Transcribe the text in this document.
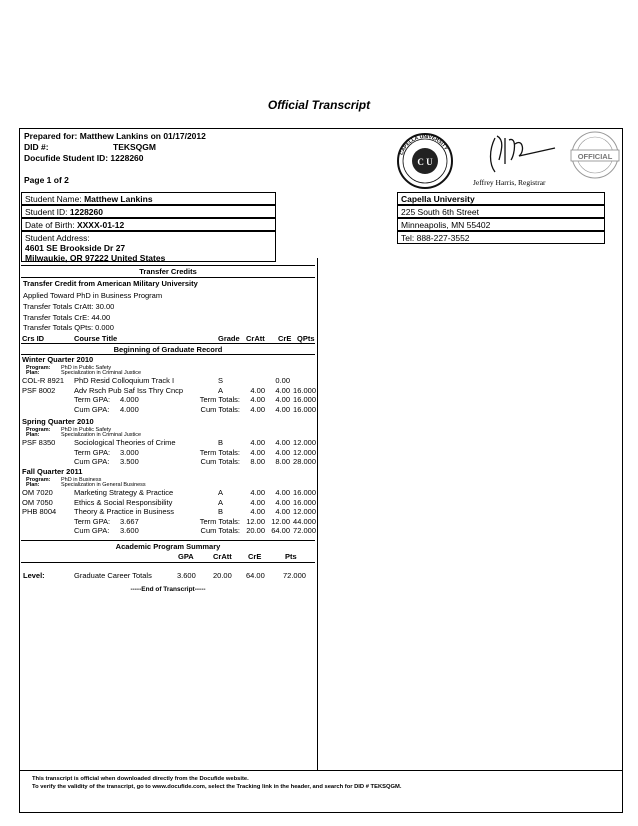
Official Transcript
Prepared for: Matthew Lankins on 01/17/2012
DID #:	TEKSQGM
Docufide Student ID: 1228260
Page 1 of 2
CAPELLA UNIVERSITY
C U
Jeffrey Harris, Registrar
OFFICIAL
Student Name: Matthew Lankins
Student ID: 1228260
Date of Birth: XXXX-01-12
Student Address:
4601 SE Brookside Dr 27
Milwaukie, OR 97222 United States
Capella University
225 South 6th Street
Minneapolis, MN 55402
Tel: 888-227-3552
Transfer Credits
Transfer Credit from American Military University
Applied Toward PhD in Business Program
Transfer Totals CrAtt: 30.00
Transfer Totals CrE: 44.00
Transfer Totals QPts: 0.000
Crs ID	Course Title	Grade CrAtt CrE QPts
Beginning of Graduate Record
Winter Quarter 2010
Program: PhD in Public Safety
Plan:	Specialization in Criminal Justice
COL-R 8921 PhD Resid Colloquium Track I	S	0.00
PSF 8002 Adv Rsch Pub Saf Iss Thry Cncp	A	4.00	4.00 16.000
Term GPA: 4.000	Term Totals:	4.00	4.00 16.000
Cum GPA: 4.000	Cum Totals:	4.00	4.00 16.000
Spring Quarter 2010
Program: PhD in Public Safety
Plan:	Specialization in Criminal Justice
PSF 8350 Sociological Theories of Crime	B	4.00	4.00 12.000
Term GPA: 3.000	Term Totals:	4.00	4.00 12.000
Cum GPA: 3.500	Cum Totals:	8.00	8.00 28.000
Fall Quarter 2011
Program: PhD in Business
Plan:	Specialization in General Business
OM 7020	Marketing Strategy & Practice	A	4.00	4.00 16.000
OM 7050	Ethics & Social Responsibility	A	4.00	4.00 16.000
PHB 8004 Theory & Practice in Business	B	4.00	4.00 12.000
Term GPA: 3.667	Term Totals: 12.00 12.00 44.000
Cum GPA: 3.600	Cum Totals: 20.00 64.00 72.000
Academic Program Summary
GPA	CrAtt CrE	Pts
Level:	Graduate Career Totals	3.600 20.00 64.00 72.000
-----End of Transcript-----
This transcript is official when downloaded directly from the Docufide website.
To verify the validity of the transcript, go to www.docufide.com, select the Tracking link in the header, and search for DID # TEKSQGM.
